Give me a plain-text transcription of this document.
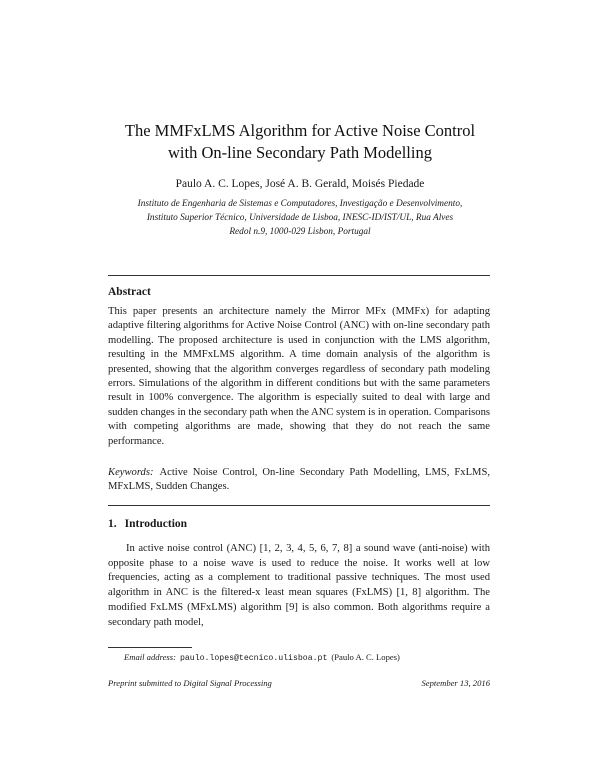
The MMFxLMS Algorithm for Active Noise Control
with On-line Secondary Path Modelling
Paulo A. C. Lopes, José A. B. Gerald, Moisés Piedade
Instituto de Engenharia de Sistemas e Computadores, Investigação e Desenvolvimento,
Instituto Superior Técnico, Universidade de Lisboa, INESC-ID/IST/UL, Rua Alves
Redol n.9, 1000-029 Lisbon, Portugal
Abstract
This paper presents an architecture namely the Mirror MFx (MMFx) for adapting adaptive filtering algorithms for Active Noise Control (ANC) with on-line secondary path modelling. The proposed architecture is used in conjunction with the LMS algorithm, resulting in the MMFxLMS algorithm. A time domain analysis of the algorithm is presented, showing that the algorithm converges regardless of secondary path modeling errors. Simulations of the algorithm in different conditions but with the same parameters result in 100% convergence. The algorithm is especially suited to deal with large and sudden changes in the secondary path when the ANC system is in operation. Comparisons with competing algorithms are made, showing that they do not reach the same performance.
Keywords: Active Noise Control, On-line Secondary Path Modelling, LMS, FxLMS, MFxLMS, Sudden Changes.
1. Introduction
In active noise control (ANC) [1, 2, 3, 4, 5, 6, 7, 8] a sound wave (anti-noise) with opposite phase to a noise wave is used to reduce the noise. It works well at low frequencies, acting as a complement to traditional passive techniques. The most used algorithm in ANC is the filtered-x least mean squares (FxLMS) [1, 8] algorithm. The modified FxLMS (MFxLMS) algorithm [9] is also common. Both algorithms require a secondary path model,
Email address: paulo.lopes@tecnico.ulisboa.pt (Paulo A. C. Lopes)
Preprint submitted to Digital Signal Processing	September 13, 2016
